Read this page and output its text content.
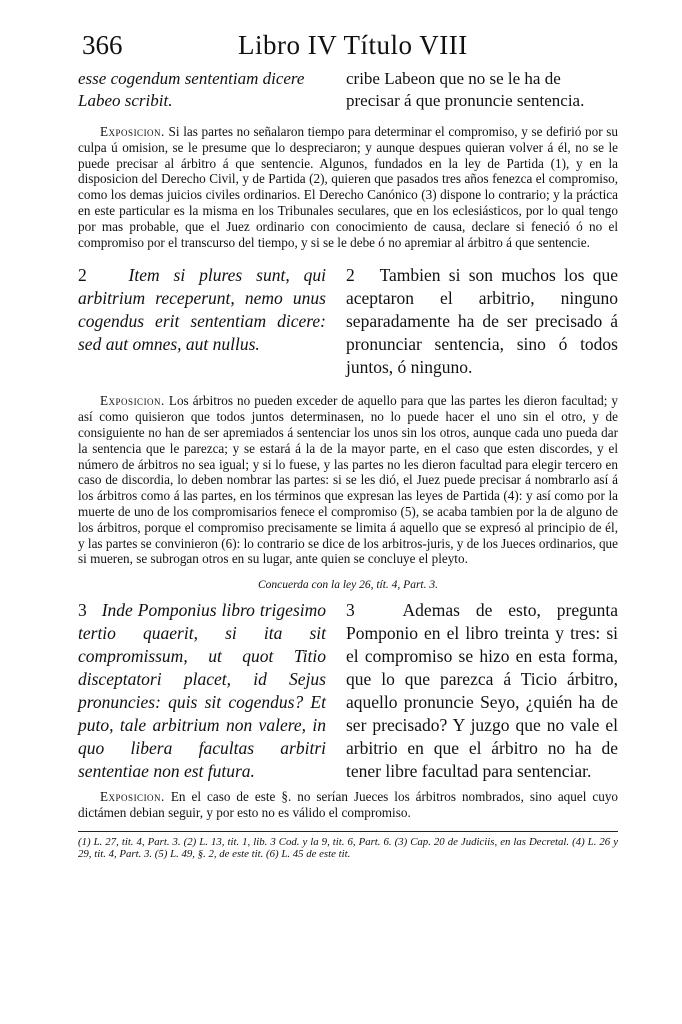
366	Libro IV Título VIII

esse cogendum sententiam dicere Labeo scribit.

cribe Labeon que no se le ha de precisar á que pronuncie sentencia.

Exposicion. Si las partes no señalaron tiempo para determinar el compromiso, y se defirió por su culpa ú omision, se le presume que lo despreciaron; y aunque despues quieran volver á él, no se le puede precisar al árbitro á que sentencie. Algunos, fundados en la ley de Partida (1), y en la disposicion del Derecho Civil, y de Partida (2), quieren que pasados tres años fenezca el compromiso, como los demas juicios civiles ordinarios. El Derecho Canónico (3) dispone lo contrario; y la práctica en este particular es la misma en los Tribunales seculares, que en los eclesiásticos, por lo qual tengo por mas probable, que el Juez ordinario con conocimiento de causa, declare si feneció ó no el compromiso por el transcurso del tiempo, y si se le debe ó no apremiar al árbitro á que sentencie.

2 Item si plures sunt, qui arbitrium receperunt, nemo unus cogendus erit sententiam dicere: sed aut omnes, aut nullus.

2 Tambien si son muchos los que aceptaron el arbitrio, ninguno separadamente ha de ser precisado á pronunciar sentencia, sino ó todos juntos, ó ninguno.

Exposicion. Los árbitros no pueden exceder de aquello para que las partes les dieron facultad; y así como quisieron que todos juntos determinasen, no lo puede hacer el uno sin el otro, y de consiguiente no han de ser apremiados á sentenciar los unos sin los otros, aunque cada uno pueda dar la sentencia que le parezca; y se estará á la de la mayor parte, en el caso que esten discordes, y el número de árbitros no sea igual; y si lo fuese, y las partes no les dieron facultad para elegir tercero en caso de discordia, lo deben nombrar las partes: si se les dió, el Juez puede precisar á nombrarlo así á los árbitros como á las partes, en los términos que expresan las leyes de Partida (4): y así como por la muerte de uno de los compromisarios fenece el compromiso (5), se acaba tambien por la de alguno de los árbitros, porque el compromiso precisamente se limita á aquello que se expresó al principio de él, y las partes se convinieron (6): lo contrario se dice de los arbitros-juris, y de los Jueces ordinarios, que si mueren, se subrogan otros en su lugar, ante quien se concluye el pleyto.

Concuerda con la ley 26, tít. 4, Part. 3.

3 Inde Pomponius libro trigesimo tertio quaerit, si ita sit compromissum, ut quot Titio disceptatori placet, id Sejus pronuncies: quis sit cogendus? Et puto, tale arbitrium non valere, in quo libera facultas arbitri sententiae non est futura.

3	Ademas de esto, pregunta Pomponio en el libro treinta y tres: si el compromiso se hizo en esta forma, que lo que parezca á Ticio árbitro, aquello pronuncie Seyo, ¿quién ha de ser precisado? Y juzgo que no vale el arbitrio en que el árbitro no ha de tener libre facultad para sentenciar.

Exposicion. En el caso de este §. no serían Jueces los árbitros nombrados, sino aquel cuyo dictámen debian seguir, y por esto no es válido el compromiso.

(1) L. 27, tit. 4, Part. 3. (2) L. 13, tit. 1, lib. 3 Cod. y la 9, tit. 6, Part. 6. (3) Cap. 20 de Judiciis, en las Decretal. (4) L. 26 y 29, tit. 4, Part. 3. (5) L. 49, §. 2, de este tit. (6) L. 45 de este tit.
